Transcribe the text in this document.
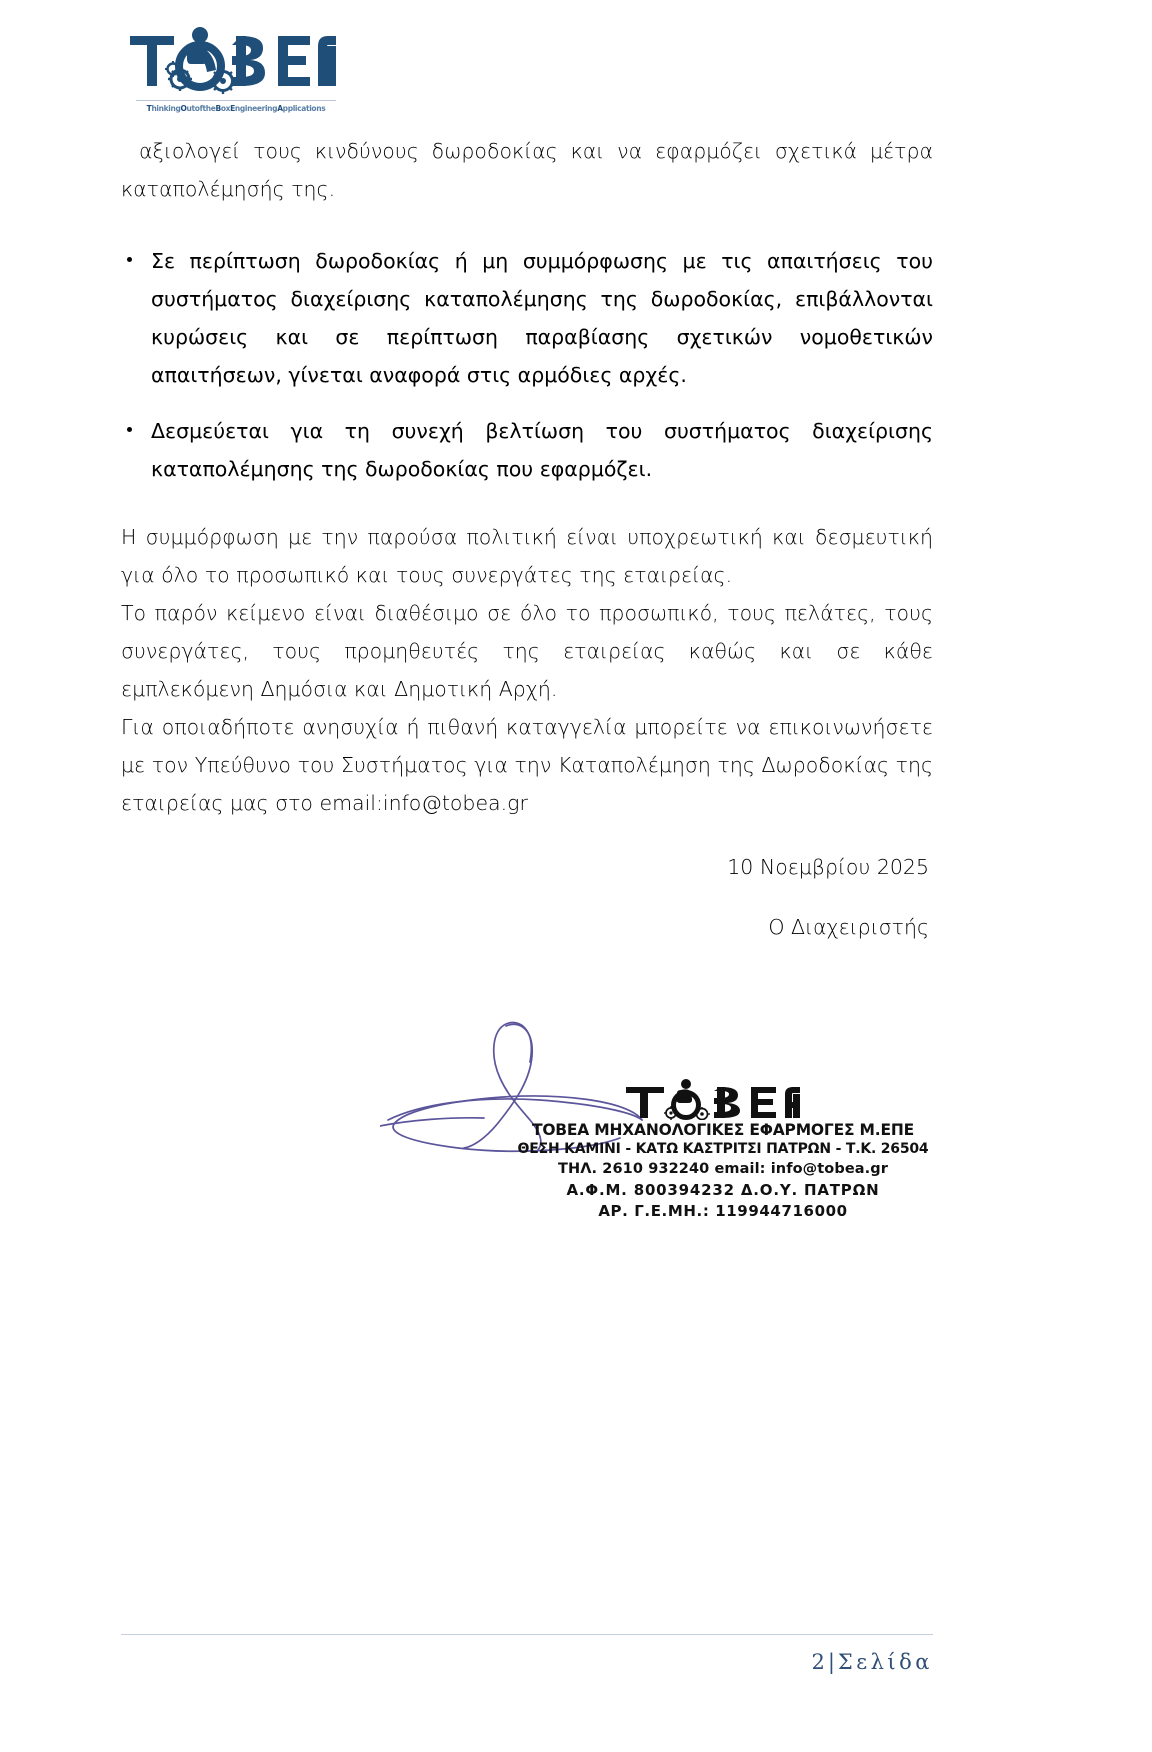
ThinkingOutoftheBoxEngineeringApplications

αξιολογεί τους κινδύνους δωροδοκίας και να εφαρμόζει σχετικά μέτρα καταπολέμησής της.

Σε περίπτωση δωροδοκίας ή μη συμμόρφωσης με τις απαιτήσεις του συστήματος διαχείρισης καταπολέμησης της δωροδοκίας, επιβάλλονται κυρώσεις και σε περίπτωση παραβίασης σχετικών νομοθετικών απαιτήσεων, γίνεται αναφορά στις αρμόδιες αρχές.
Δεσμεύεται για τη συνεχή βελτίωση του συστήματος διαχείρισης καταπολέμησης της δωροδοκίας που εφαρμόζει.

Η συμμόρφωση με την παρούσα πολιτική είναι υποχρεωτική και δεσμευτική για όλο το προσωπικό και τους συνεργάτες της εταιρείας.

Το παρόν κείμενο είναι διαθέσιμο σε όλο το προσωπικό, τους πελάτες, τους συνεργάτες, τους προμηθευτές της εταιρείας καθώς και σε κάθε εμπλεκόμενη Δημόσια και Δημοτική Αρχή.

Για οποιαδήποτε ανησυχία ή πιθανή καταγγελία μπορείτε να επικοινωνήσετε με τον Υπεύθυνο του Συστήματος για την Καταπολέμηση της Δωροδοκίας της εταιρείας μας στο email:info@tobea.gr

10 Νοεμβρίου 2025
Ο Διαχειριστής
ΤΟΒΕΑ ΜΗΧΑΝΟΛΟΓΙΚΕΣ ΕΦΑΡΜΟΓΕΣ Μ.ΕΠΕ
ΘΕΣΗ ΚΑΜΙΝΙ - ΚΑΤΩ ΚΑΣΤΡΙΤΣΙ ΠΑΤΡΩΝ - Τ.Κ. 26504
ΤΗΛ. 2610 932240 email: info@tobea.gr
Α.Φ.Μ. 800394232 Δ.Ο.Υ. ΠΑΤΡΩΝ
ΑΡ. Γ.Ε.ΜΗ.: 119944716000
2 | Σελίδα
